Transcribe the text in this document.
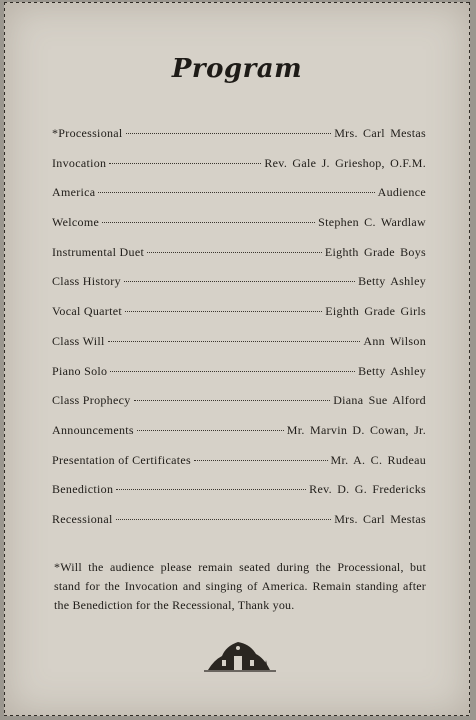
Program
*Processional	Mrs. Carl Mestas
Invocation	Rev. Gale J. Grieshop, O.F.M.
America	Audience
Welcome	Stephen C. Wardlaw
Instrumental Duet	Eighth Grade Boys
Class History	Betty Ashley
Vocal Quartet	Eighth Grade Girls
Class Will	Ann Wilson
Piano Solo	Betty Ashley
Class Prophecy	Diana Sue Alford
Announcements	Mr. Marvin D. Cowan, Jr.
Presentation of Certificates	Mr. A. C. Rudeau
Benediction	Rev. D. G. Fredericks
Recessional	Mrs. Carl Mestas
*Will the audience please remain seated during the Processional, but stand for the Invocation and singing of America. Remain standing after the Benediction for the Recessional, Thank you.
